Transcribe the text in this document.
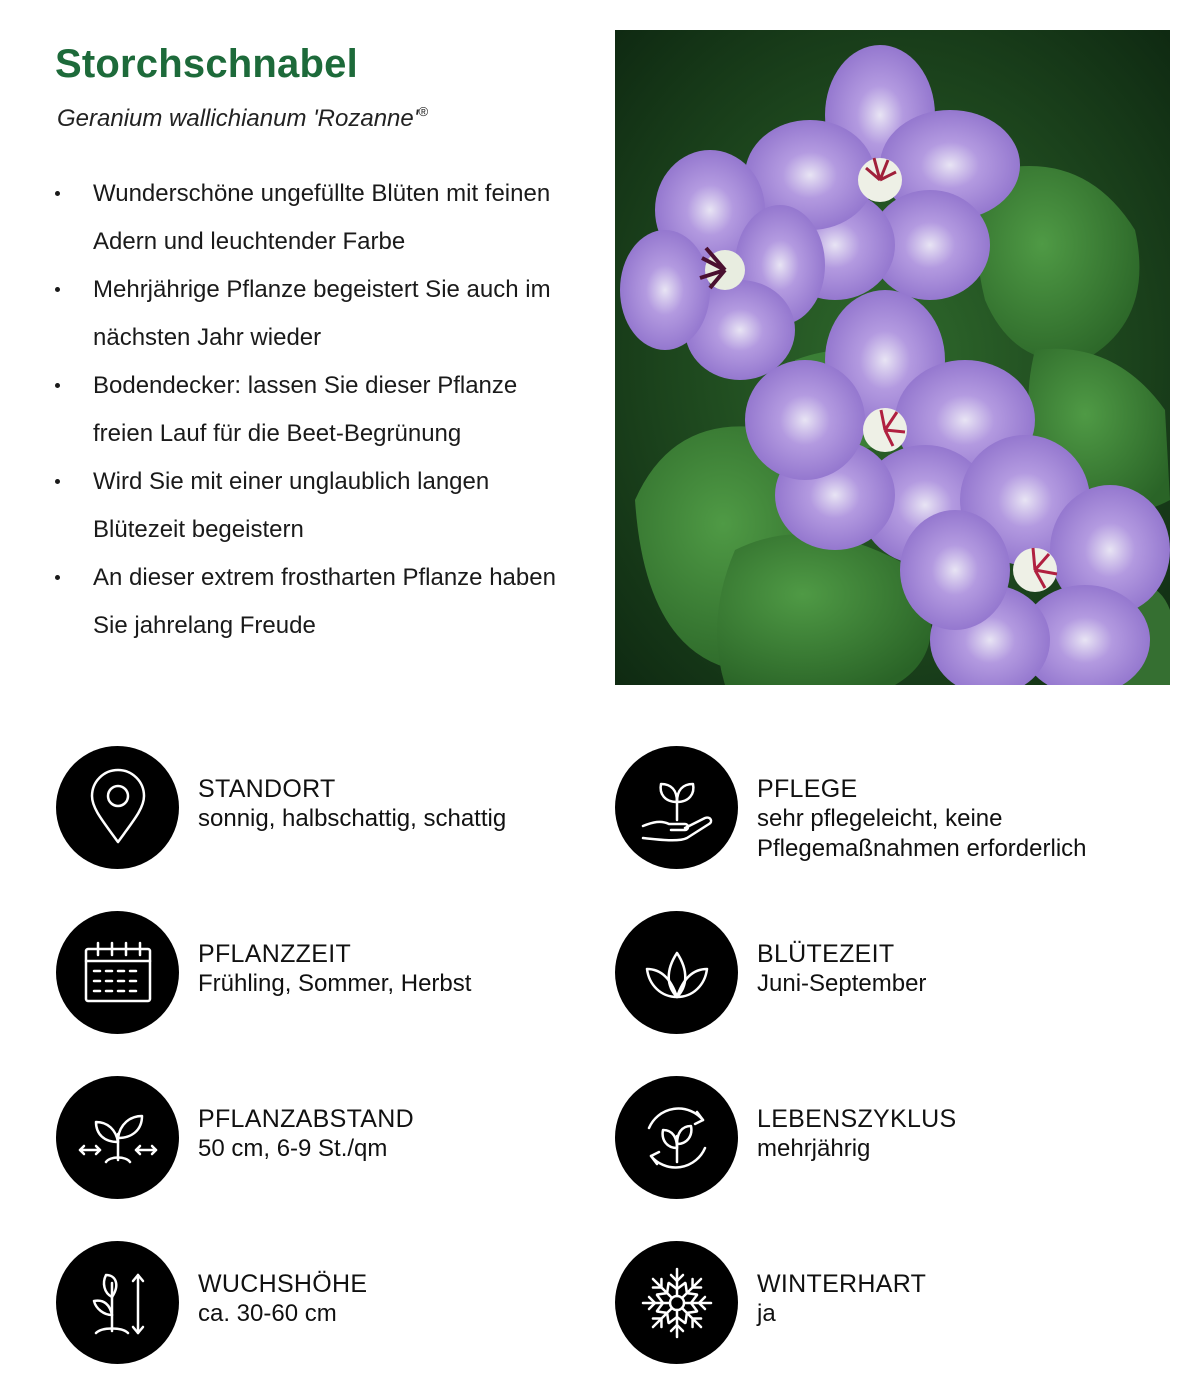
Storchschnabel
Geranium wallichianum 'Rozanne'®
Wunderschöne ungefüllte Blüten mit feinen Adern und leuchtender Farbe
Mehrjährige Pflanze begeistert Sie auch im nächsten Jahr wieder
Bodendecker: lassen Sie dieser Pflanze freien Lauf für die Beet-Begrünung
Wird Sie mit einer unglaublich langen Blütezeit begeistern
An dieser extrem frostharten Pflanze haben Sie jahrelang Freude
STANDORT
sonnig, halbschattig, schattig
PFLEGE
sehr pflegeleicht, keine Pflegemaßnahmen erforderlich
PFLANZZEIT
Frühling, Sommer, Herbst
BLÜTEZEIT
Juni-September
PFLANZABSTAND
50 cm, 6-9 St./qm
LEBENSZYKLUS
mehrjährig
WUCHSHÖHE
ca. 30-60 cm
WINTERHART
ja
